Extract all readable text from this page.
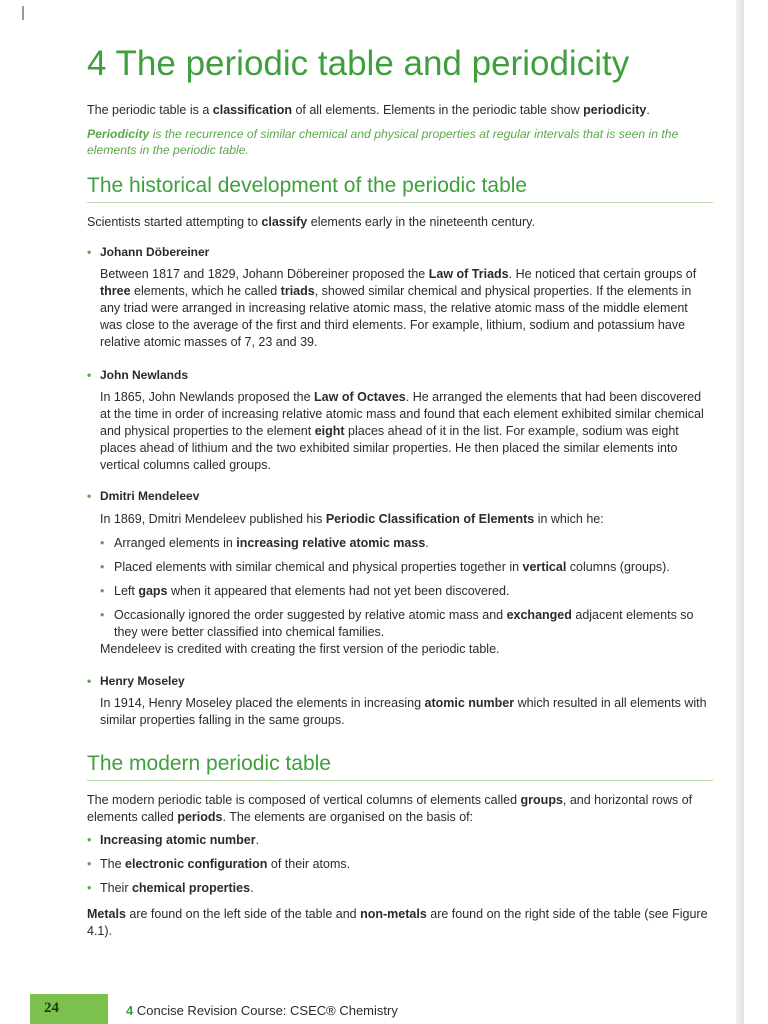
4 The periodic table and periodicity

The periodic table is a classification of all elements. Elements in the periodic table show periodicity.

Periodicity is the recurrence of similar chemical and physical properties at regular intervals that is seen in the elements in the periodic table.

The historical development of the periodic table

Scientists started attempting to classify elements early in the nineteenth century.

• Johann Döbereiner

Between 1817 and 1829, Johann Döbereiner proposed the Law of Triads. He noticed that certain groups of three elements, which he called triads, showed similar chemical and physical properties. If the elements in any triad were arranged in increasing relative atomic mass, the relative atomic mass of the middle element was close to the average of the first and third elements. For example, lithium, sodium and potassium have relative atomic masses of 7, 23 and 39.

• John Newlands

In 1865, John Newlands proposed the Law of Octaves. He arranged the elements that had been discovered at the time in order of increasing relative atomic mass and found that each element exhibited similar chemical and physical properties to the element eight places ahead of it in the list. For example, sodium was eight places ahead of lithium and the two exhibited similar properties. He then placed the similar elements into vertical columns called groups.

• Dmitri Mendeleev

In 1869, Dmitri Mendeleev published his Periodic Classification of Elements in which he:

• Arranged elements in increasing relative atomic mass.
• Placed elements with similar chemical and physical properties together in vertical columns (groups).
• Left gaps when it appeared that elements had not yet been discovered.
• Occasionally ignored the order suggested by relative atomic mass and exchanged adjacent elements so they were better classified into chemical families.

Mendeleev is credited with creating the first version of the periodic table.

• Henry Moseley

In 1914, Henry Moseley placed the elements in increasing atomic number which resulted in all elements with similar properties falling in the same groups.

The modern periodic table

The modern periodic table is composed of vertical columns of elements called groups, and horizontal rows of elements called periods. The elements are organised on the basis of:

• Increasing atomic number.
• The electronic configuration of their atoms.
• Their chemical properties.

Metals are found on the left side of the table and non-metals are found on the right side of the table (see Figure 4.1).

24	4 Concise Revision Course: CSEC® Chemistry
